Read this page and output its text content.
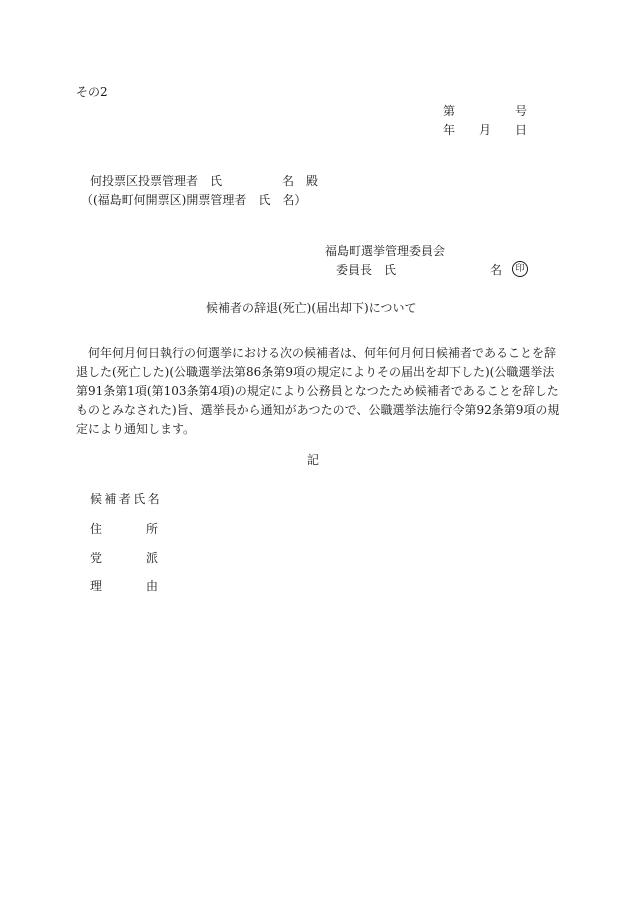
その2
第	号
年 月 日
何投票区投票管理者　氏　　　　　名　殿
（(福島町何開票区)開票管理者　氏　名）
福島町選挙管理委員会
委員長　氏	名	印
候補者の辞退(死亡)(届出却下)について
何年何月何日執行の何選挙における次の候補者は、何年何月何日候補者であることを辞
退した(死亡した)(公職選挙法第86条第9項の規定によりその届出を却下した)(公職選挙法
第91条第1項(第103条第4項)の規定により公務員となつたため候補者であることを辞した
ものとみなされた)旨、選挙長から通知があつたので、公職選挙法施行令第92条第9項の規
定により通知します。
記
候補者氏名
住	所
党	派
理	由
